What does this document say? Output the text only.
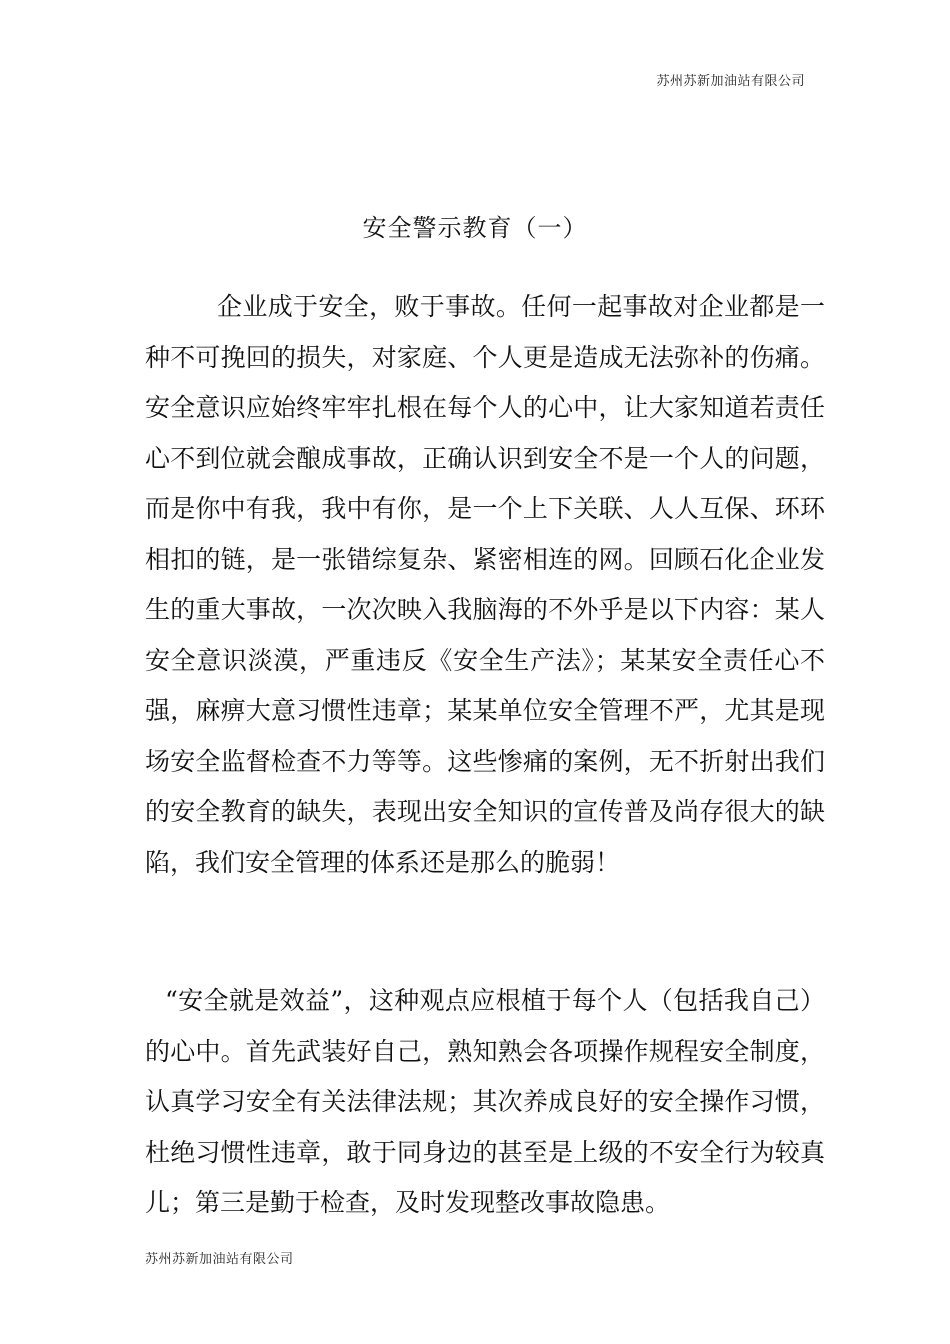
苏州苏新加油站有限公司
安全警示教育（一）

企业成于安全，败于事故。任何一起事故对企业都是一种不可挽回的损失，对家庭、个人更是造成无法弥补的伤痛。安全意识应始终牢牢扎根在每个人的心中，让大家知道若责任心不到位就会酿成事故，正确认识到安全不是一个人的问题，而是你中有我，我中有你，是一个上下关联、人人互保、环环相扣的链，是一张错综复杂、紧密相连的网。回顾石化企业发生的重大事故，一次次映入我脑海的不外乎是以下内容：某人安全意识淡漠，严重违反《安全生产法》；某某安全责任心不强，麻痹大意习惯性违章；某某单位安全管理不严，尤其是现场安全监督检查不力等等。这些惨痛的案例，无不折射出我们的安全教育的缺失，表现出安全知识的宣传普及尚存很大的缺陷，我们安全管理的体系还是那么的脆弱！

“安全就是效益”，这种观点应根植于每个人（包括我自己）的心中。首先武装好自己，熟知熟会各项操作规程安全制度，认真学习安全有关法律法规；其次养成良好的安全操作习惯，杜绝习惯性违章，敢于同身边的甚至是上级的不安全行为较真儿；第三是勤于检查，及时发现整改事故隐患。

苏州苏新加油站有限公司
